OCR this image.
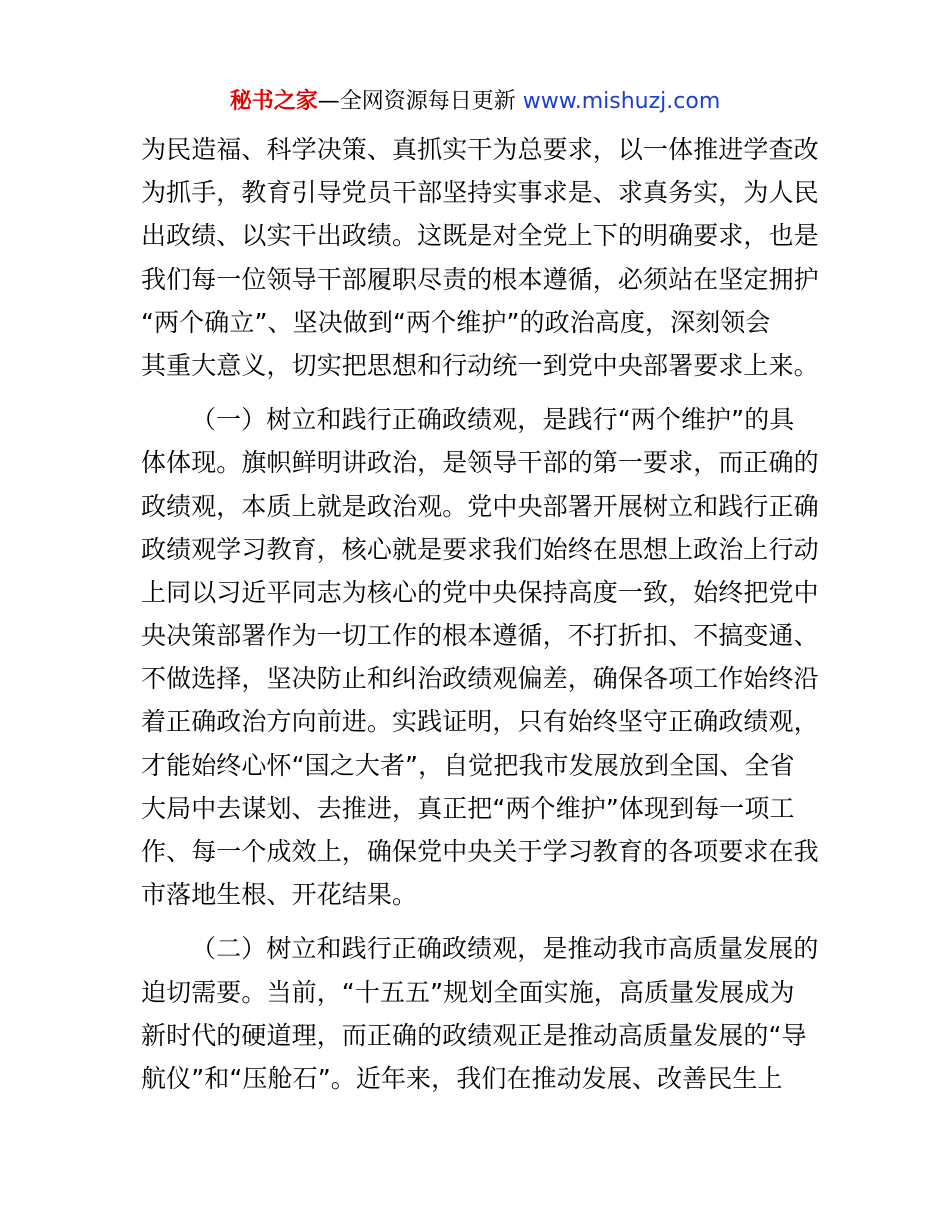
秘书之家—全网资源每日更新 www.mishuzj.com
为民造福、科学决策、真抓实干为总要求，以一体推进学查改
为抓手，教育引导党员干部坚持实事求是、求真务实，为人民
出政绩、以实干出政绩。这既是对全党上下的明确要求，也是
我们每一位领导干部履职尽责的根本遵循，必须站在坚定拥护
“两个确立”、坚决做到“两个维护”的政治高度，深刻领会
其重大意义，切实把思想和行动统一到党中央部署要求上来。
（一）树立和践行正确政绩观，是践行“两个维护”的具
体体现。旗帜鲜明讲政治，是领导干部的第一要求，而正确的
政绩观，本质上就是政治观。党中央部署开展树立和践行正确
政绩观学习教育，核心就是要求我们始终在思想上政治上行动
上同以习近平同志为核心的党中央保持高度一致，始终把党中
央决策部署作为一切工作的根本遵循，不打折扣、不搞变通、
不做选择，坚决防止和纠治政绩观偏差，确保各项工作始终沿
着正确政治方向前进。实践证明，只有始终坚守正确政绩观，
才能始终心怀“国之大者”，自觉把我市发展放到全国、全省
大局中去谋划、去推进，真正把“两个维护”体现到每一项工
作、每一个成效上，确保党中央关于学习教育的各项要求在我
市落地生根、开花结果。
（二）树立和践行正确政绩观，是推动我市高质量发展的
迫切需要。当前，“十五五”规划全面实施，高质量发展成为
新时代的硬道理，而正确的政绩观正是推动高质量发展的“导
航仪”和“压舱石”。近年来，我们在推动发展、改善民生上
